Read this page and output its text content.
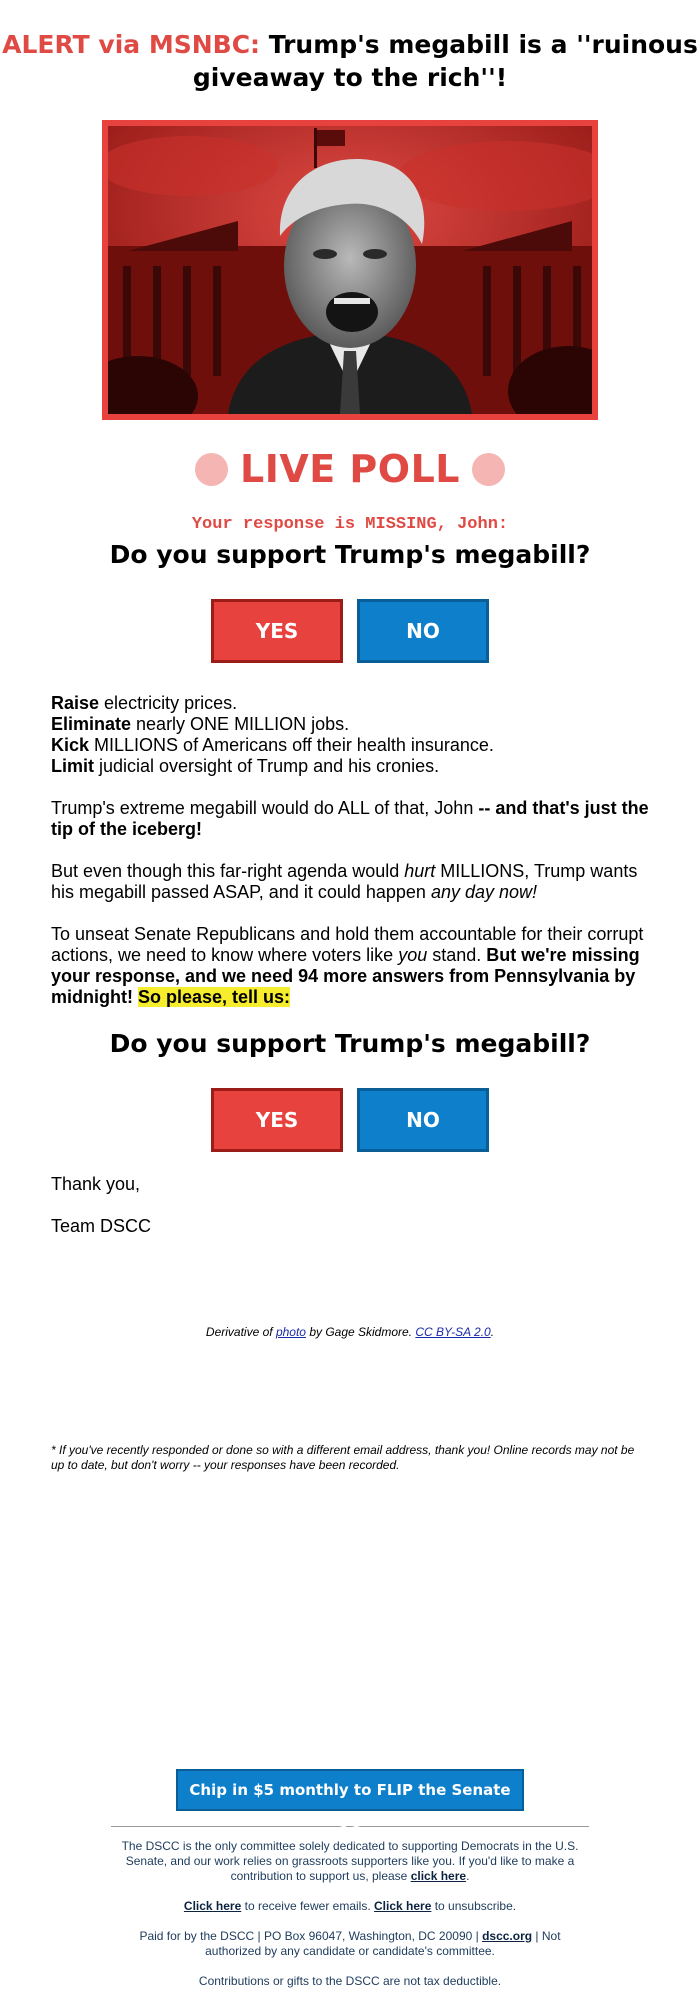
ALERT via MSNBC: Trump's megabill is a ''ruinous giveaway to the rich''!
LIVE POLL
Your response is MISSING, John:
Do you support Trump's megabill?
YES	NO

Raise electricity prices.
Eliminate nearly ONE MILLION jobs.
Kick MILLIONS of Americans off their health insurance.
Limit judicial oversight of Trump and his cronies.

Trump's extreme megabill would do ALL of that, John -- and that's just the tip of the iceberg!

But even though this far-right agenda would hurt MILLIONS, Trump wants his megabill passed ASAP, and it could happen any day now!

To unseat Senate Republicans and hold them accountable for their corrupt actions, we need to know where voters like you stand. But we're missing your response, and we need 94 more answers from Pennsylvania by midnight! So please, tell us:

Do you support Trump's megabill?
YES	NO

Thank you,

Team DSCC

Derivative of photo by Gage Skidmore. CC BY-SA 2.0.
* If you've recently responded or done so with a different email address, thank you! Online records may not be up to date, but don't worry -- your responses have been recorded.
Chip in $5 monthly to FLIP the Senate >>

The DSCC is the only committee solely dedicated to supporting Democrats in the U.S. Senate, and our work relies on grassroots supporters like you. If you'd like to make a contribution to support us, please click here.

Click here to receive fewer emails. Click here to unsubscribe.

Paid for by the DSCC | PO Box 96047, Washington, DC 20090 | dscc.org | Not authorized by any candidate or candidate's committee.

Contributions or gifts to the DSCC are not tax deductible.
